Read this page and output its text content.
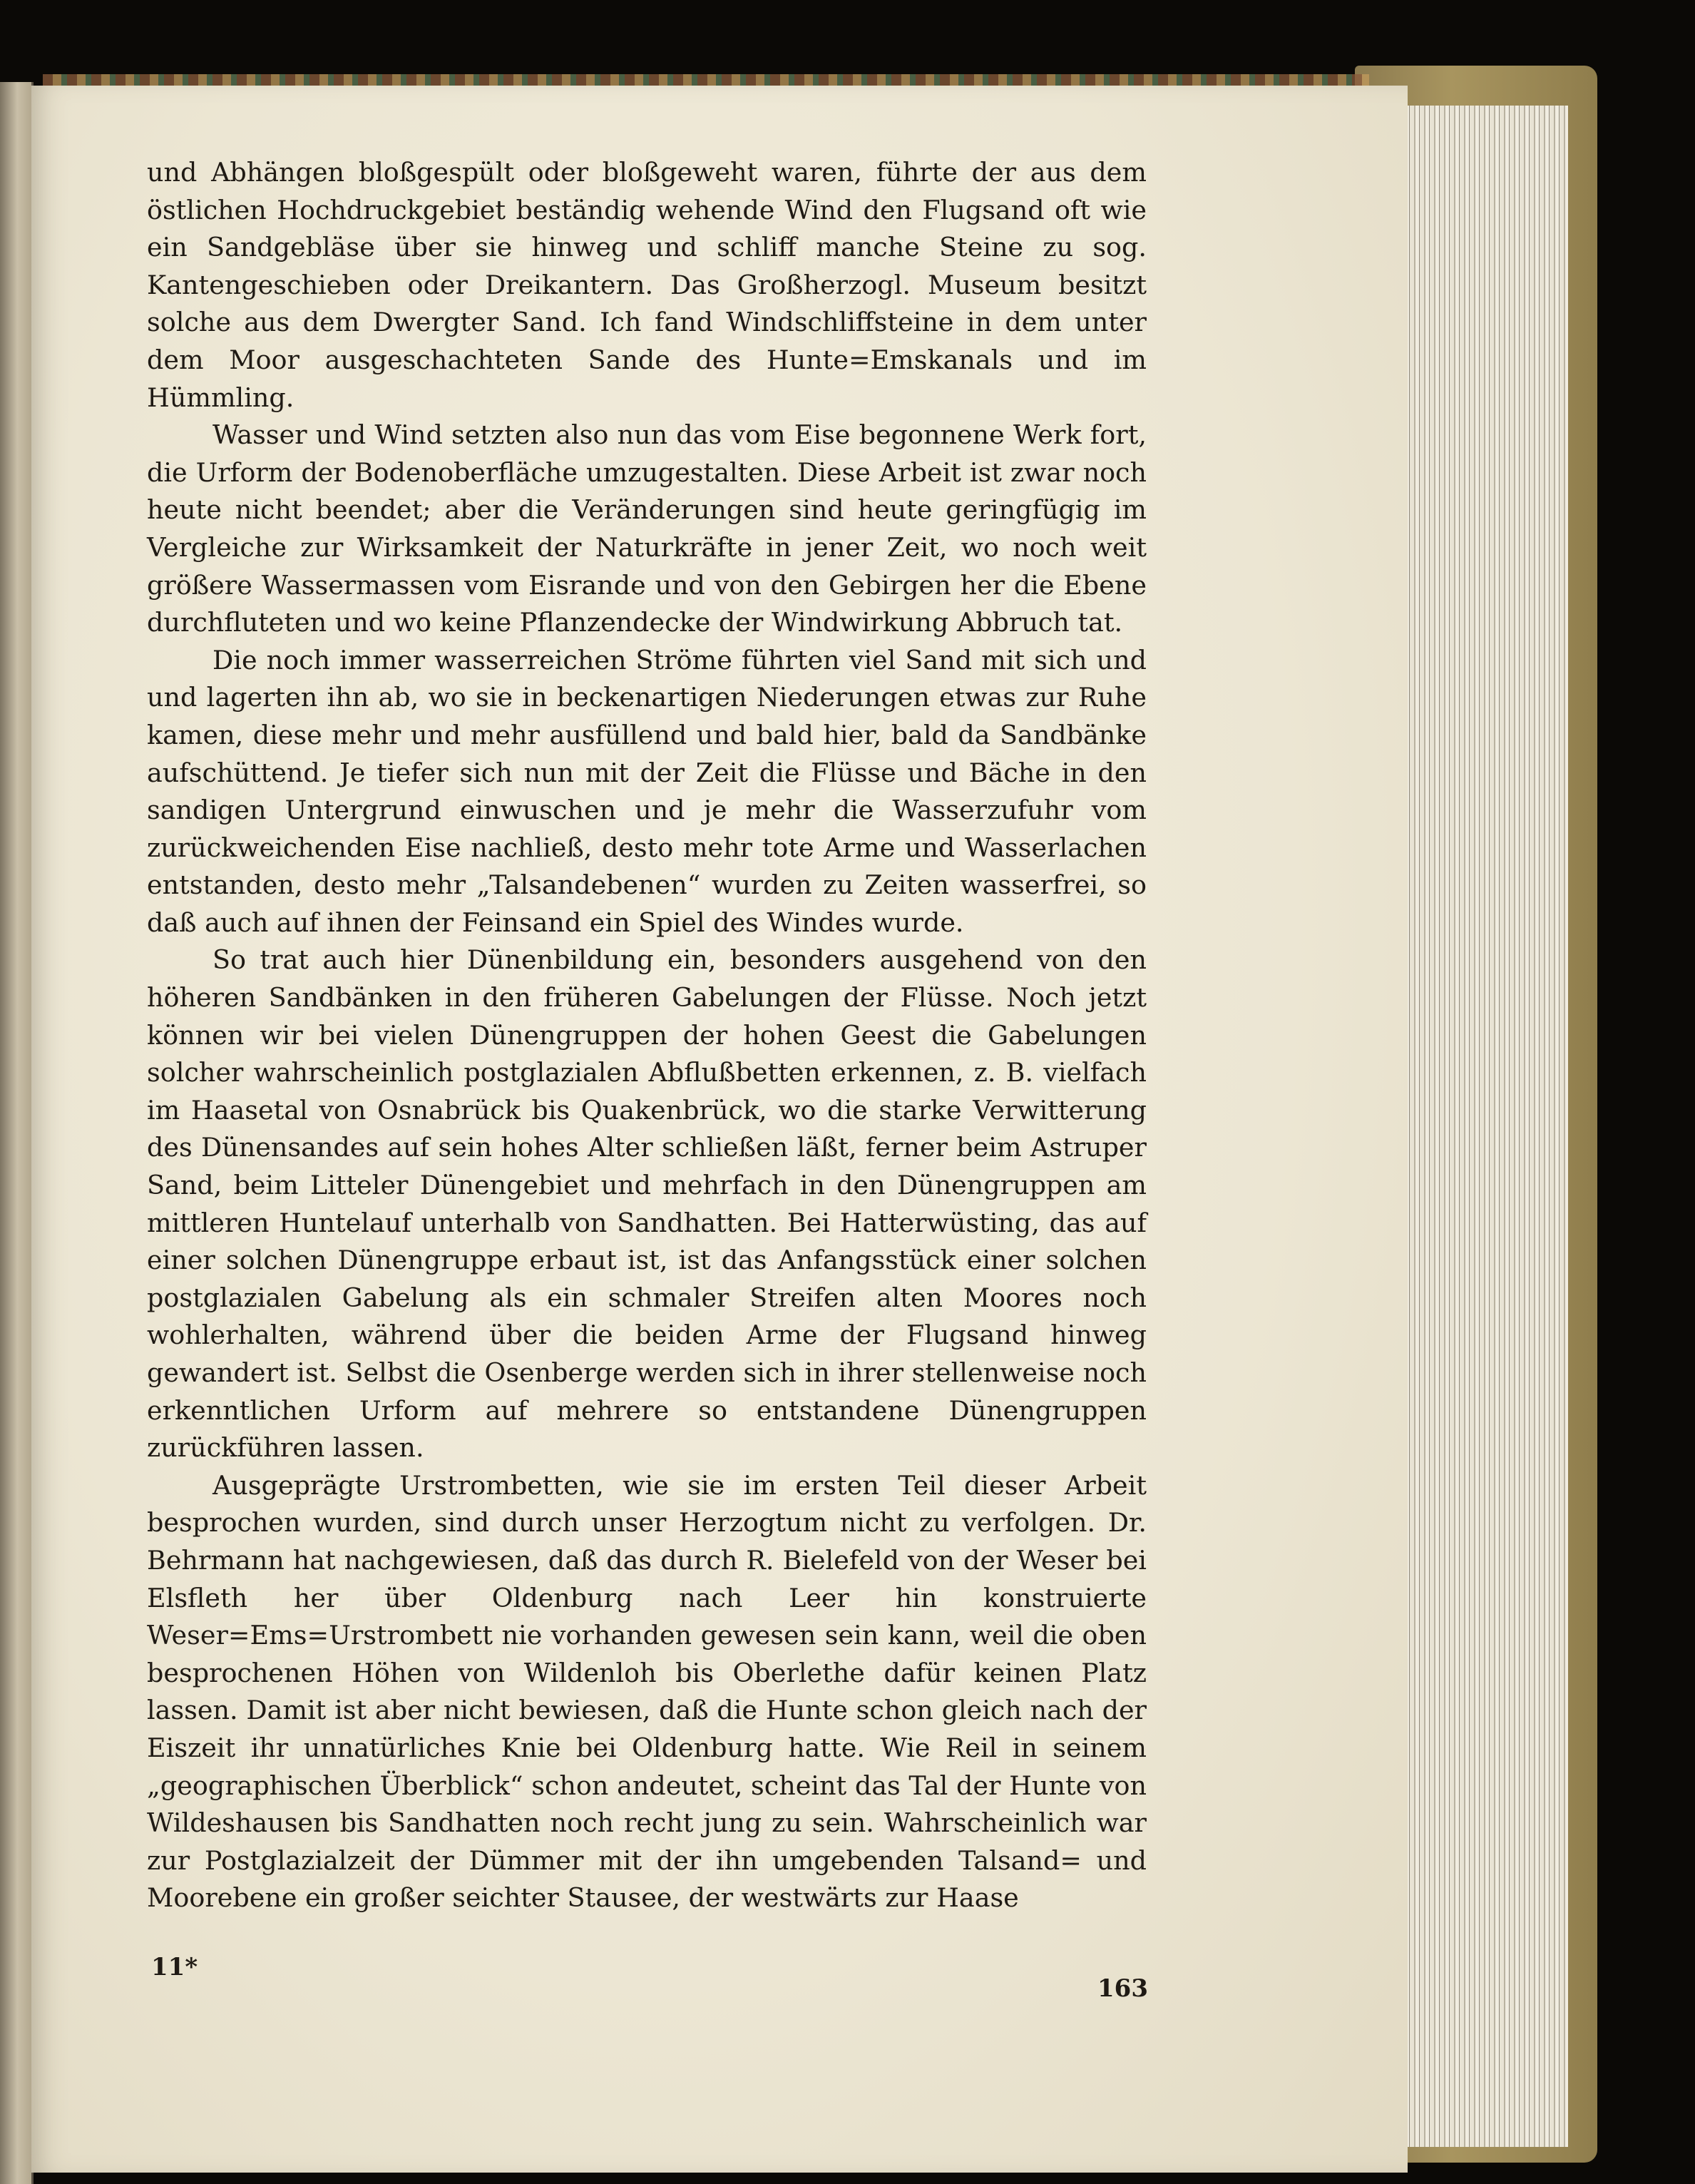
und Abhängen bloßgespült oder bloßgeweht waren, führte der aus dem östlichen Hochdruckgebiet beständig wehende Wind den Flugsand oft wie ein Sandgebläse über sie hinweg und schliff manche Steine zu sog. Kantengeschieben oder Dreikantern. Das Großherzogl. Museum besitzt solche aus dem Dwergter Sand. Ich fand Windschliffsteine in dem unter dem Moor ausgeschachteten Sande des Hunte=Emskanals und im Hümmling.

Wasser und Wind setzten also nun das vom Eise begonnene Werk fort, die Urform der Bodenoberfläche umzugestalten. Diese Arbeit ist zwar noch heute nicht beendet; aber die Veränderungen sind heute geringfügig im Vergleiche zur Wirksamkeit der Naturkräfte in jener Zeit, wo noch weit größere Wassermassen vom Eisrande und von den Gebirgen her die Ebene durchfluteten und wo keine Pflanzendecke der Windwirkung Abbruch tat.

Die noch immer wasserreichen Ströme führten viel Sand mit sich und und lagerten ihn ab, wo sie in beckenartigen Niederungen etwas zur Ruhe kamen, diese mehr und mehr ausfüllend und bald hier, bald da Sandbänke aufschüttend. Je tiefer sich nun mit der Zeit die Flüsse und Bäche in den sandigen Untergrund einwuschen und je mehr die Wasserzufuhr vom zurückweichenden Eise nachließ, desto mehr tote Arme und Wasserlachen entstanden, desto mehr „Talsandebenen“ wurden zu Zeiten wasserfrei, so daß auch auf ihnen der Feinsand ein Spiel des Windes wurde.

So trat auch hier Dünenbildung ein, besonders ausgehend von den höheren Sandbänken in den früheren Gabelungen der Flüsse. Noch jetzt können wir bei vielen Dünengruppen der hohen Geest die Gabelungen solcher wahrscheinlich postglazialen Abflußbetten erkennen, z. B. vielfach im Haasetal von Osnabrück bis Quakenbrück, wo die starke Verwitterung des Dünensandes auf sein hohes Alter schließen läßt, ferner beim Astruper Sand, beim Litteler Dünengebiet und mehrfach in den Dünengruppen am mittleren Huntelauf unterhalb von Sandhatten. Bei Hatterwüsting, das auf einer solchen Dünengruppe erbaut ist, ist das Anfangsstück einer solchen postglazialen Gabelung als ein schmaler Streifen alten Moores noch wohlerhalten, während über die beiden Arme der Flugsand hinweg gewandert ist. Selbst die Osenberge werden sich in ihrer stellenweise noch erkenntlichen Urform auf mehrere so entstandene Dünengruppen zurückführen lassen.

Ausgeprägte Urstrombetten, wie sie im ersten Teil dieser Arbeit besprochen wurden, sind durch unser Herzogtum nicht zu verfolgen. Dr. Behrmann hat nachgewiesen, daß das durch R. Bielefeld von der Weser bei Elsfleth her über Oldenburg nach Leer hin konstruierte Weser=Ems=Urstrombett nie vorhanden gewesen sein kann, weil die oben besprochenen Höhen von Wildenloh bis Oberlethe dafür keinen Platz lassen. Damit ist aber nicht bewiesen, daß die Hunte schon gleich nach der Eiszeit ihr unnatürliches Knie bei Oldenburg hatte. Wie Reil in seinem „geographischen Überblick“ schon andeutet, scheint das Tal der Hunte von Wildeshausen bis Sandhatten noch recht jung zu sein. Wahrscheinlich war zur Postglazialzeit der Dümmer mit der ihn umgebenden Talsand= und Moorebene ein großer seichter Stausee, der westwärts zur Haase

11*
163
